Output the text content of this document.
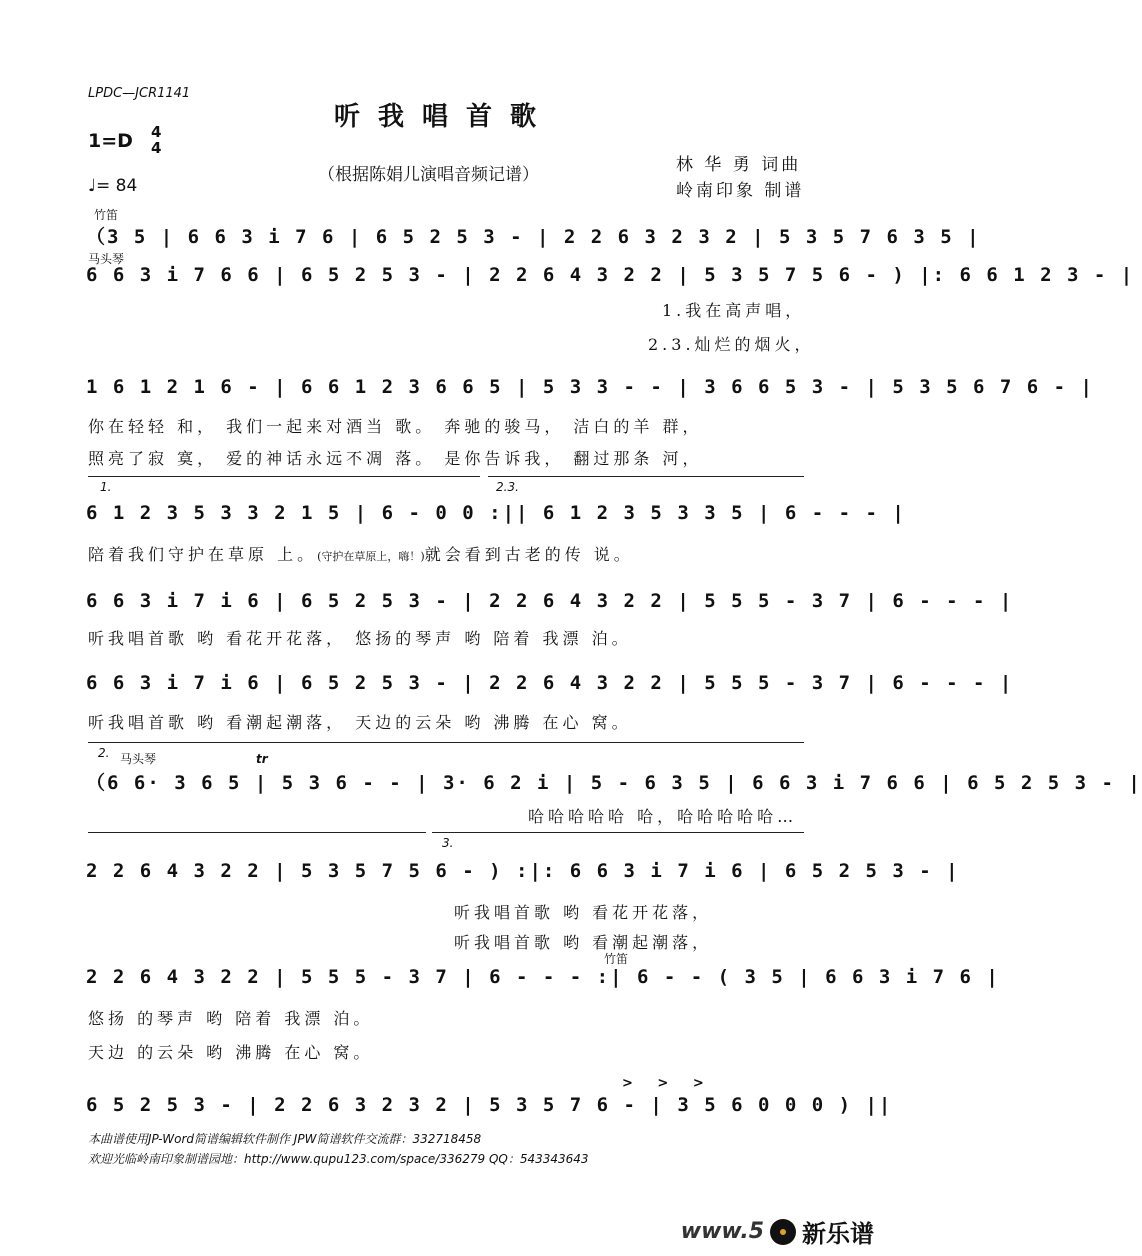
LPDC—JCR1141
听我唱首歌
1=D 4
4
♩= 84
（根据陈娟儿演唱音频记谱）	林 华 勇 词曲
岭南印象 制谱
竹笛
（3 5 | 6 6 3 i 7 6 | 6 5 2 5 3 - | 2 2 6 3 2 3 2 | 5 3 5 7 6 3 5 |
马头琴
6 6 3 i 7 6 6 | 6 5 2 5 3 - | 2 2 6 4 3 2 2 | 5 3 5 7 5 6 - ) |: 6 6 1 2 3 - |
1.我在高声唱，
2.3.灿烂的烟火，
1 6 1 2 1 6 - | 6 6 1 2 3 6 6 5 | 5 3 3 - - | 3 6 6 5 3 - | 5 3 5 6 7 6 - |
你在轻轻 和， 我们一起来对酒当 歌。 奔驰的骏马， 洁白的羊 群，
照亮了寂 寞， 爱的神话永远不凋 落。 是你告诉我， 翻过那条 河，
1.	2.3.
6 1 2 3 5 3 3 2 1 5 | 6 - 0 0 :|| 6 1 2 3 5 3 3 5 | 6 - - - |
陪着我们守护在草原 上。(守护在草原上，嗨！)就会看到古老的传 说。
6 6 3 i 7 i 6 | 6 5 2 5 3 - | 2 2 6 4 3 2 2 | 5 5 5 - 3 7 | 6 - - - |
听我唱首歌 哟 看花开花落， 悠扬的琴声 哟 陪着 我漂 泊。
6 6 3 i 7 i 6 | 6 5 2 5 3 - | 2 2 6 4 3 2 2 | 5 5 5 - 3 7 | 6 - - - |
听我唱首歌 哟 看潮起潮落， 天边的云朵 哟 沸腾 在心 窝。
2. 马头琴	tr
（6 6· 3 6 5 | 5 3 6 - - | 3· 6 2 i | 5 - 6 3 5 | 6 6 3 i 7 6 6 | 6 5 2 5 3 - |
哈哈哈哈哈 哈，哈哈哈哈哈…
3.
2 2 6 4 3 2 2 | 5 3 5 7 5 6 - ) :|: 6 6 3 i 7 i 6 | 6 5 2 5 3 - |
听我唱首歌 哟 看花开花落，
听我唱首歌 哟 看潮起潮落，
竹笛
2 2 6 4 3 2 2 | 5 5 5 - 3 7 | 6 - - - :| 6 - - ( 3 5 | 6 6 3 i 7 6 |
悠扬 的琴声 哟 陪着 我漂 泊。
天边 的云朵 哟 沸腾 在心 窝。
> > >
6 5 2 5 3 - | 2 2 6 3 2 3 2 | 5 3 5 7 6 - | 3 5 6 0 0 0 ) ||
本曲谱使用JP-Word简谱编辑软件制作 JPW简谱软件交流群：332718458
欢迎光临岭南印象制谱园地：http://www.qupu123.com/space/336279 QQ：543343643
www.5 新乐谱
